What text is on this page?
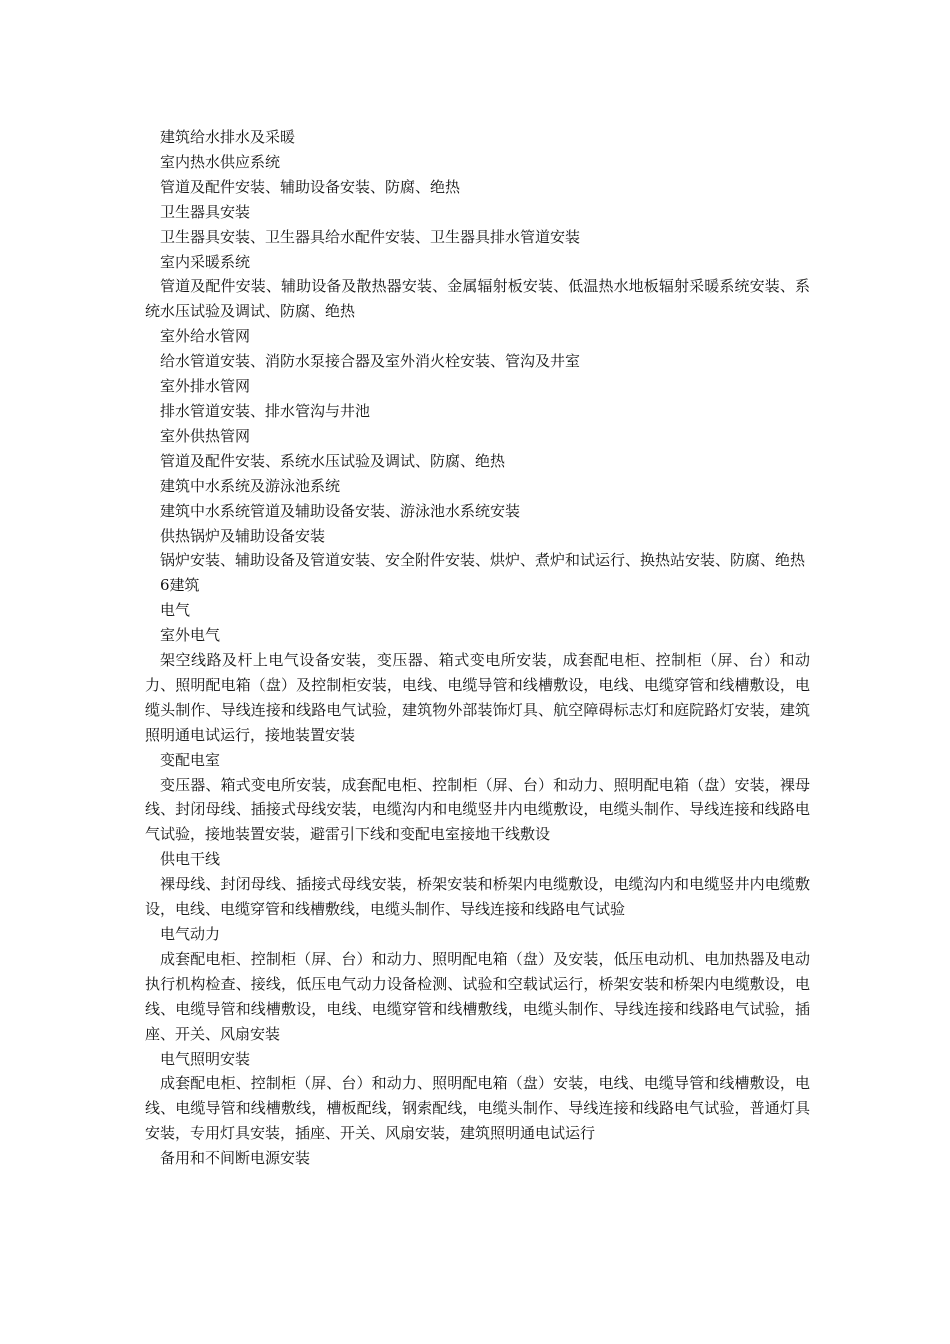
建筑给水排水及采暖

室内热水供应系统

管道及配件安装、辅助设备安装、防腐、绝热

卫生器具安装

卫生器具安装、卫生器具给水配件安装、卫生器具排水管道安装

室内采暖系统

管道及配件安装、辅助设备及散热器安装、金属辐射板安装、低温热水地板辐射采暖系统安装、系统水压试验及调试、防腐、绝热

室外给水管网

给水管道安装、消防水泵接合器及室外消火栓安装、管沟及井室

室外排水管网

排水管道安装、排水管沟与井池

室外供热管网

管道及配件安装、系统水压试验及调试、防腐、绝热

建筑中水系统及游泳池系统

建筑中水系统管道及辅助设备安装、游泳池水系统安装

供热锅炉及辅助设备安装

锅炉安装、辅助设备及管道安装、安全附件安装、烘炉、煮炉和试运行、换热站安装、防腐、绝热

6建筑

电气

室外电气

架空线路及杆上电气设备安装，变压器、箱式变电所安装，成套配电柜、控制柜（屏、台）和动力、照明配电箱（盘）及控制柜安装，电线、电缆导管和线槽敷设，电线、电缆穿管和线槽敷设，电缆头制作、导线连接和线路电气试验，建筑物外部装饰灯具、航空障碍标志灯和庭院路灯安装，建筑照明通电试运行，接地装置安装

变配电室

变压器、箱式变电所安装，成套配电柜、控制柜（屏、台）和动力、照明配电箱（盘）安装，裸母线、封闭母线、插接式母线安装，电缆沟内和电缆竖井内电缆敷设，电缆头制作、导线连接和线路电气试验，接地装置安装，避雷引下线和变配电室接地干线敷设

供电干线

裸母线、封闭母线、插接式母线安装，桥架安装和桥架内电缆敷设，电缆沟内和电缆竖井内电缆敷设，电线、电缆穿管和线槽敷线，电缆头制作、导线连接和线路电气试验

电气动力

成套配电柜、控制柜（屏、台）和动力、照明配电箱（盘）及安装，低压电动机、电加热器及电动执行机构检查、接线，低压电气动力设备检测、试验和空载试运行，桥架安装和桥架内电缆敷设，电线、电缆导管和线槽敷设，电线、电缆穿管和线槽敷线，电缆头制作、导线连接和线路电气试验，插座、开关、风扇安装

电气照明安装

成套配电柜、控制柜（屏、台）和动力、照明配电箱（盘）安装，电线、电缆导管和线槽敷设，电线、电缆导管和线槽敷线，槽板配线，钢索配线，电缆头制作、导线连接和线路电气试验，普通灯具安装，专用灯具安装，插座、开关、风扇安装，建筑照明通电试运行

备用和不间断电源安装
